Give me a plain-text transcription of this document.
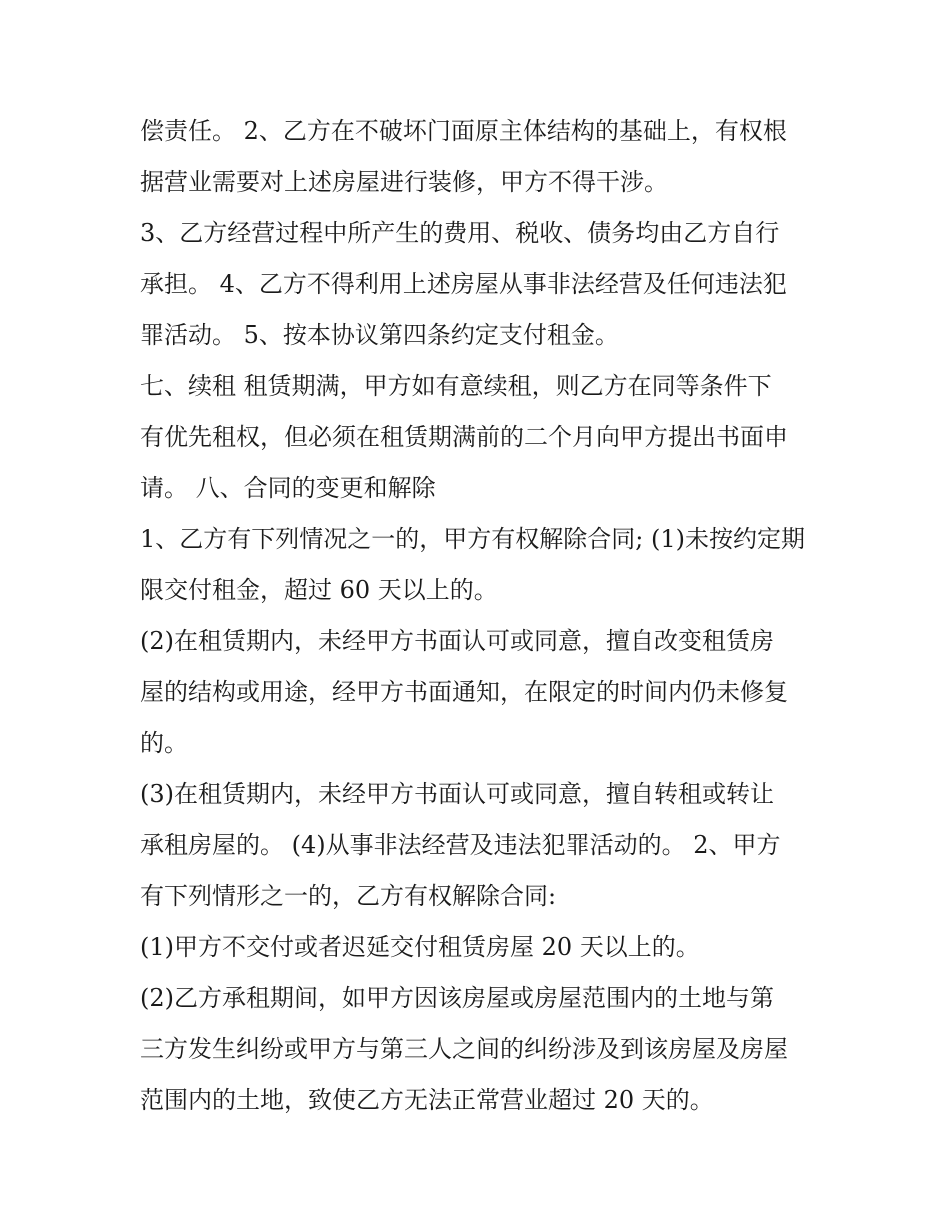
偿责任。 2、乙方在不破坏门面原主体结构的基础上，有权根
据营业需要对上述房屋进行装修，甲方不得干涉。
3、乙方经营过程中所产生的费用、税收、债务均由乙方自行
承担。 4、乙方不得利用上述房屋从事非法经营及任何违法犯
罪活动。 5、按本协议第四条约定支付租金。
七、续租 租赁期满，甲方如有意续租，则乙方在同等条件下
有优先租权，但必须在租赁期满前的二个月向甲方提出书面申
请。 八、合同的变更和解除
1、乙方有下列情况之一的，甲方有权解除合同; (1)未按约定期
限交付租金，超过 60 天以上的。
(2)在租赁期内，未经甲方书面认可或同意，擅自改变租赁房
屋的结构或用途，经甲方书面通知，在限定的时间内仍未修复
的。
(3)在租赁期内，未经甲方书面认可或同意，擅自转租或转让
承租房屋的。 (4)从事非法经营及违法犯罪活动的。 2、甲方
有下列情形之一的，乙方有权解除合同:
(1)甲方不交付或者迟延交付租赁房屋 20 天以上的。
(2)乙方承租期间，如甲方因该房屋或房屋范围内的土地与第
三方发生纠纷或甲方与第三人之间的纠纷涉及到该房屋及房屋
范围内的土地，致使乙方无法正常营业超过 20 天的。
